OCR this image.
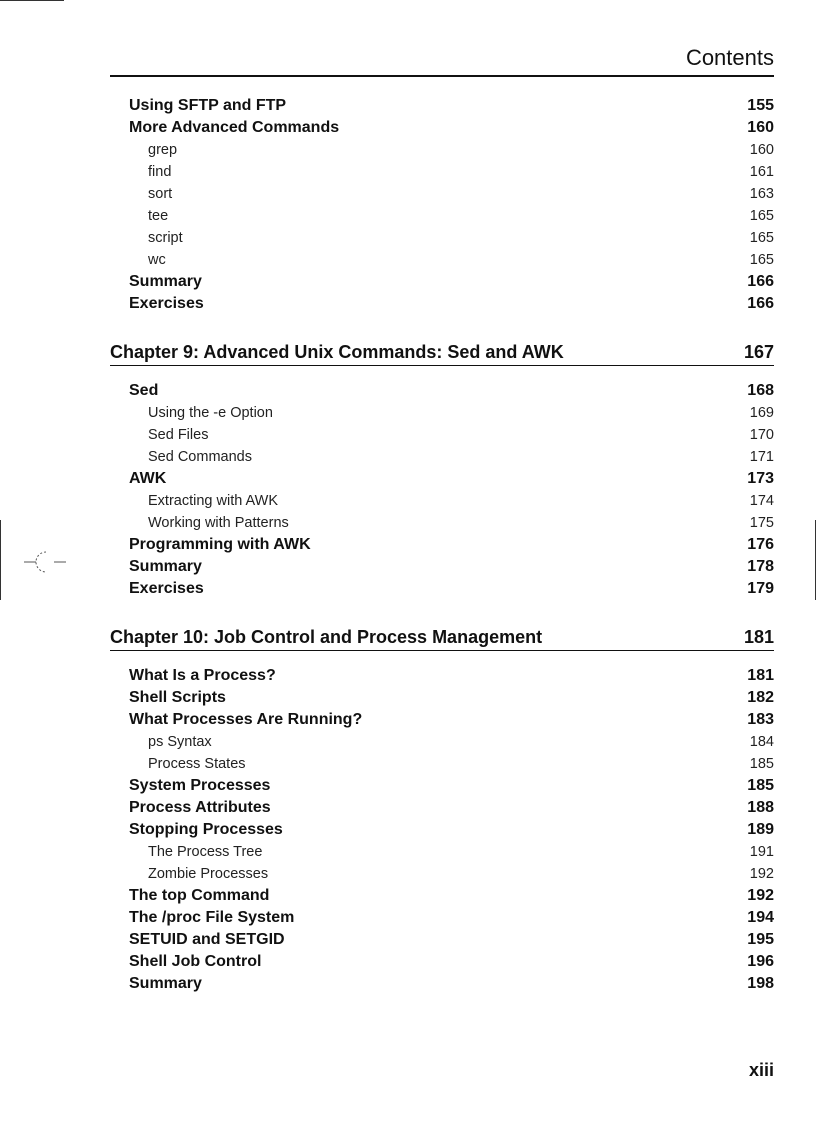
Contents
Using SFTP and FTP	155
More Advanced Commands	160
grep	160
find	161
sort	163
tee	165
script	165
wc	165
Summary	166
Exercises	166
Chapter 9: Advanced Unix Commands: Sed and AWK	167
Sed	168
Using the -e Option	169
Sed Files	170
Sed Commands	171
AWK	173
Extracting with AWK	174
Working with Patterns	175
Programming with AWK	176
Summary	178
Exercises	179
Chapter 10: Job Control and Process Management	181
What Is a Process?	181
Shell Scripts	182
What Processes Are Running?	183
ps Syntax	184
Process States	185
System Processes	185
Process Attributes	188
Stopping Processes	189
The Process Tree	191
Zombie Processes	192
The top Command	192
The /proc File System	194
SETUID and SETGID	195
Shell Job Control	196
Summary	198
xiii
